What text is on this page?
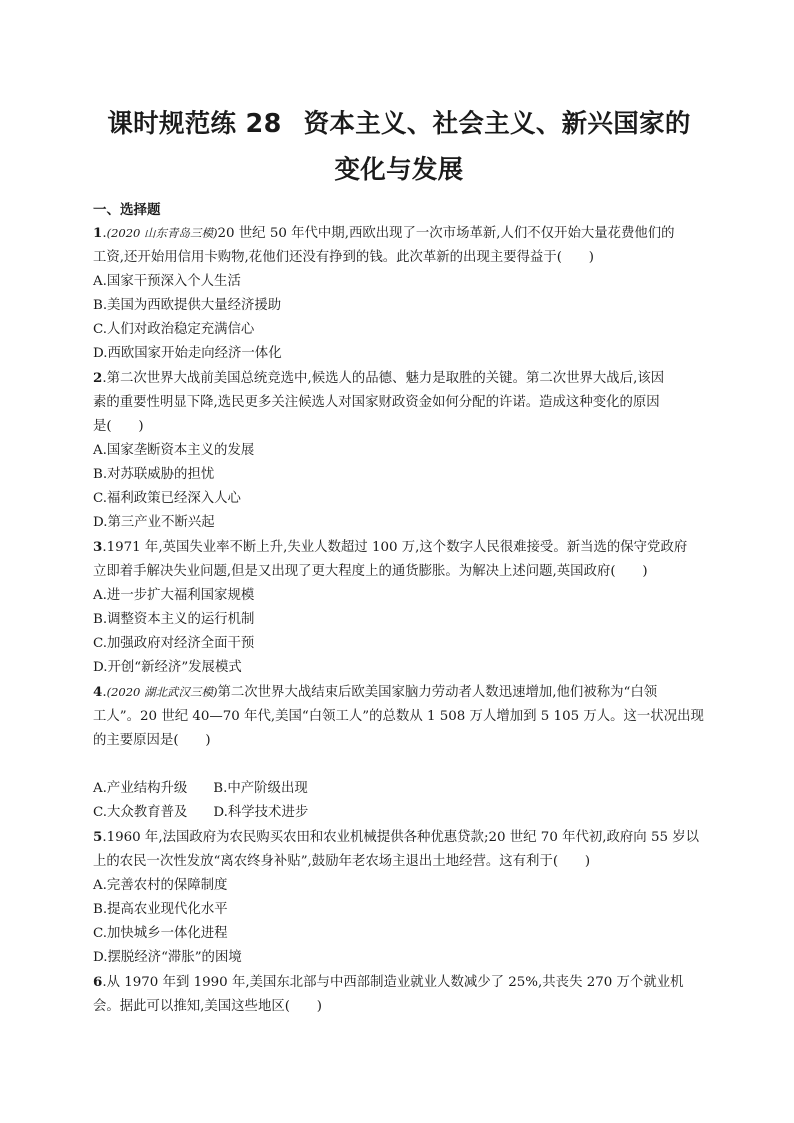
课时规范练 28 资本主义、社会主义、新兴国家的
变化与发展
一、选择题
1.(2020 山东青岛三模)20 世纪 50 年代中期,西欧出现了一次市场革新,人们不仅开始大量花费他们的
工资,还开始用信用卡购物,花他们还没有挣到的钱。此次革新的出现主要得益于(　　)
A.国家干预深入个人生活
B.美国为西欧提供大量经济援助
C.人们对政治稳定充满信心
D.西欧国家开始走向经济一体化
2.第二次世界大战前美国总统竞选中,候选人的品德、魅力是取胜的关键。第二次世界大战后,该因
素的重要性明显下降,选民更多关注候选人对国家财政资金如何分配的许诺。造成这种变化的原因
是(　　)
A.国家垄断资本主义的发展
B.对苏联威胁的担忧
C.福利政策已经深入人心
D.第三产业不断兴起
3.1971 年,英国失业率不断上升,失业人数超过 100 万,这个数字人民很难接受。新当选的保守党政府
立即着手解决失业问题,但是又出现了更大程度上的通货膨胀。为解决上述问题,英国政府(　　)
A.进一步扩大福利国家规模
B.调整资本主义的运行机制
C.加强政府对经济全面干预
D.开创“新经济”发展模式
4.(2020 湖北武汉三模)第二次世界大战结束后欧美国家脑力劳动者人数迅速增加,他们被称为“白领
工人”。20 世纪 40—70 年代,美国“白领工人”的总数从 1 508 万人增加到 5 105 万人。这一状况出现
的主要原因是(　　)
A.产业结构升级 B.中产阶级出现
C.大众教育普及 D.科学技术进步
5.1960 年,法国政府为农民购买农田和农业机械提供各种优惠贷款;20 世纪 70 年代初,政府向 55 岁以
上的农民一次性发放“离农终身补贴”,鼓励年老农场主退出土地经营。这有利于(　　)
A.完善农村的保障制度
B.提高农业现代化水平
C.加快城乡一体化进程
D.摆脱经济“滞胀”的困境
6.从 1970 年到 1990 年,美国东北部与中西部制造业就业人数减少了 25%,共丧失 270 万个就业机
会。据此可以推知,美国这些地区(　　)
